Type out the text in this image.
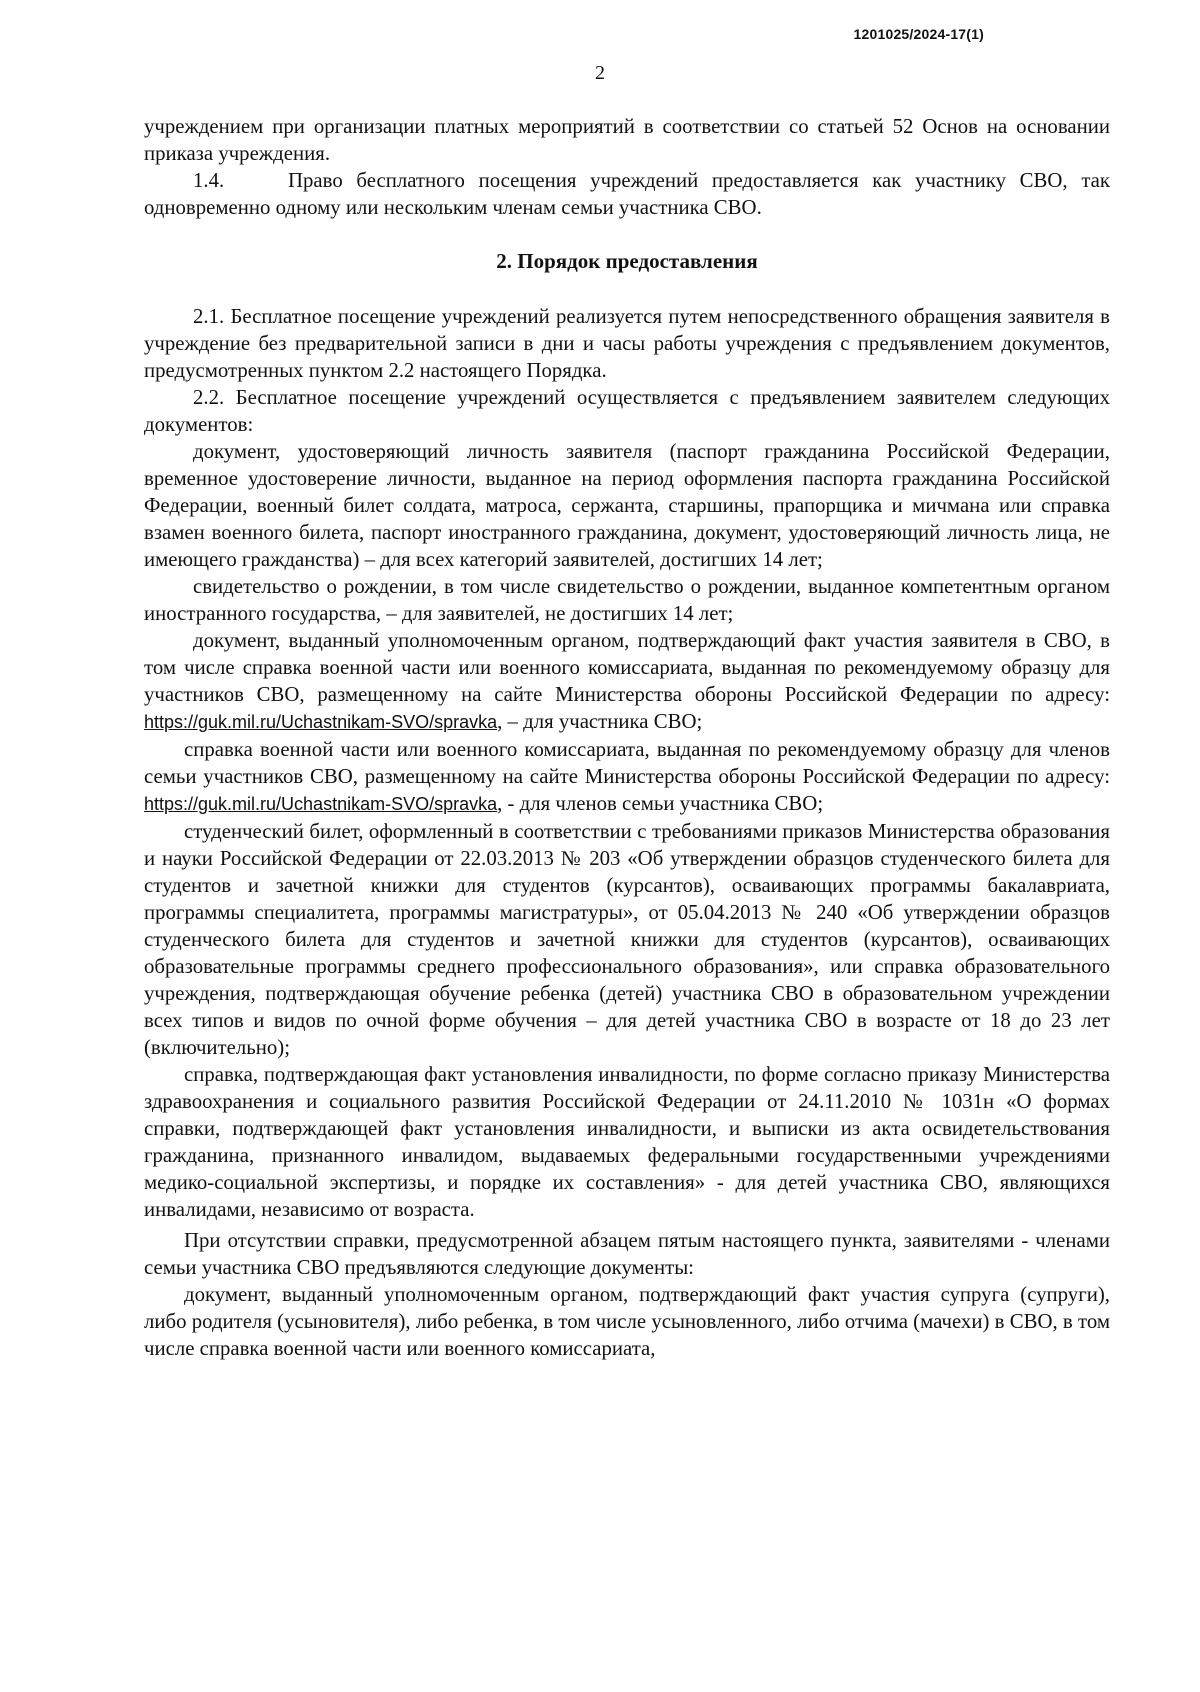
1201025/2024-17(1)
2

учреждением при организации платных мероприятий в соответствии со статьей 52 Основ на основании приказа учреждения.

1.4.	Право бесплатного посещения учреждений предоставляется как участнику СВО, так одновременно одному или нескольким членам семьи участника СВО.

2. Порядок предоставления

2.1. Бесплатное посещение учреждений реализуется путем непосредственного обращения заявителя в учреждение без предварительной записи в дни и часы работы учреждения с предъявлением документов, предусмотренных пунктом 2.2 настоящего Порядка.

2.2. Бесплатное посещение учреждений осуществляется с предъявлением заявителем следующих документов:

документ, удостоверяющий личность заявителя (паспорт гражданина Российской Федерации, временное удостоверение личности, выданное на период оформления паспорта гражданина Российской Федерации, военный билет солдата, матроса, сержанта, старшины, прапорщика и мичмана или справка взамен военного билета, паспорт иностранного гражданина, документ, удостоверяющий личность лица, не имеющего гражданства) – для всех категорий заявителей, достигших 14 лет;

свидетельство о рождении, в том числе свидетельство о рождении, выданное компетентным органом иностранного государства, – для заявителей, не достигших 14 лет;

документ, выданный уполномоченным органом, подтверждающий факт участия заявителя в СВО, в том числе справка военной части или военного комиссариата, выданная по рекомендуемому образцу для участников СВО, размещенному на сайте Министерства обороны Российской Федерации по адресу: https://guk.mil.ru/Uchastnikam-SVO/spravka, – для участника СВО;

справка военной части или военного комиссариата, выданная по рекомендуемому образцу для членов семьи участников СВО, размещенному на сайте Министерства обороны Российской Федерации по адресу: https://guk.mil.ru/Uchastnikam-SVO/spravka, - для членов семьи участника СВО;

студенческий билет, оформленный в соответствии с требованиями приказов Министерства образования и науки Российской Федерации от 22.03.2013 № 203 «Об утверждении образцов студенческого билета для студентов и зачетной книжки для студентов (курсантов), осваивающих программы бакалавриата, программы специалитета, программы магистратуры», от 05.04.2013 № 240 «Об утверждении образцов студенческого билета для студентов и зачетной книжки для студентов (курсантов), осваивающих образовательные программы среднего профессионального образования», или справка образовательного учреждения, подтверждающая обучение ребенка (детей) участника СВО в образовательном учреждении всех типов и видов по очной форме обучения – для детей участника СВО в возрасте от 18 до 23 лет (включительно);

справка, подтверждающая факт установления инвалидности, по форме согласно приказу Министерства здравоохранения и социального развития Российской Федерации от 24.11.2010 № 1031н «О формах справки, подтверждающей факт установления инвалидности, и выписки из акта освидетельствования гражданина, признанного инвалидом, выдаваемых федеральными государственными учреждениями медико-социальной экспертизы, и порядке их составления» - для детей участника СВО, являющихся инвалидами, независимо от возраста.

При отсутствии справки, предусмотренной абзацем пятым настоящего пункта, заявителями - членами семьи участника СВО предъявляются следующие документы:

документ, выданный уполномоченным органом, подтверждающий факт участия супруга (супруги), либо родителя (усыновителя), либо ребенка, в том числе усыновленного, либо отчима (мачехи) в СВО, в том числе справка военной части или военного комиссариата,
